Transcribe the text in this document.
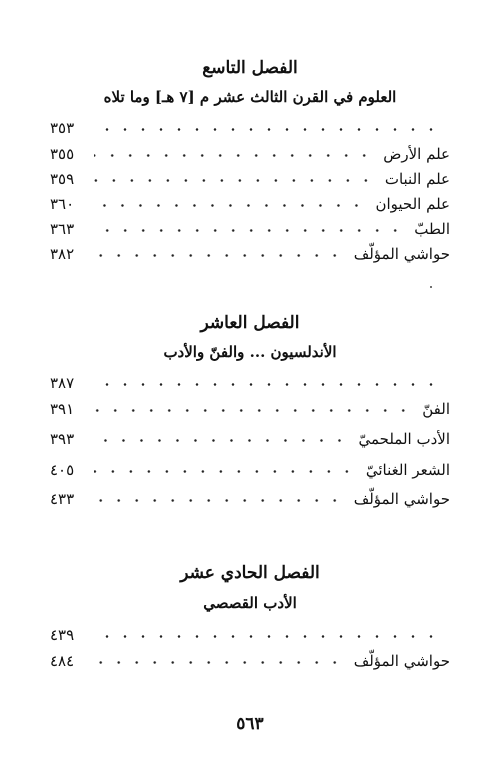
الفصل التاسع
العلوم في القرن الثالث عشر م [٧ هـ] وما تلاه
٣٥٣
علم الأرض
٣٥٥
علم النبات
٣٥٩
علم الحيوان
٣٦٠
الطبّ
٣٦٣
حواشي المؤلّف
٣٨٢
الفصل العاشر
الأندلسيون ... والفنّ والأدب
٣٨٧
الفنّ
٣٩١
الأدب الملحميّ
٣٩٣
الشعر الغنائيّ
٤٠٥
حواشي المؤلّف
٤٣٣
الفصل الحادي عشر
الأدب القصصي
٤٣٩
حواشي المؤلّف
٤٨٤
٥٦٣
